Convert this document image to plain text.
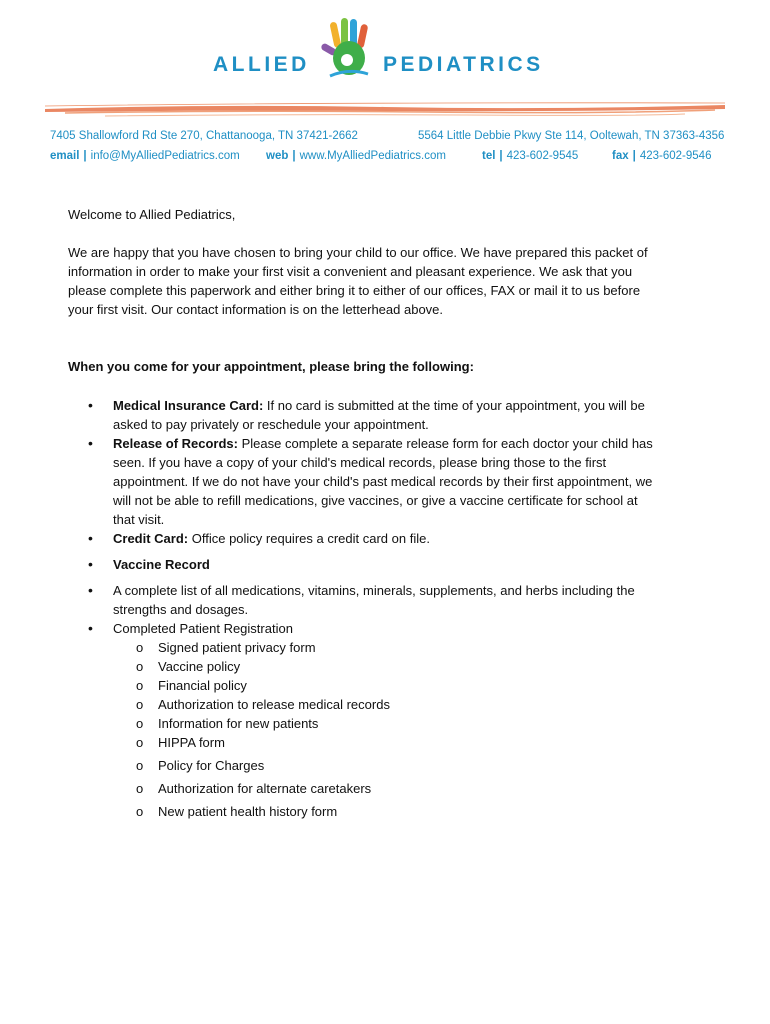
ALLIED	PEDIATRICS
7405 Shallowford Rd Ste 270, Chattanooga, TN 37421-2662	5564 Little Debbie Pkwy Ste 114, Ooltewah, TN 37363-4356
email | info@MyAlliedPediatrics.com web | www.MyAlliedPediatrics.com	tel | 423-602-9545	fax | 423-602-9546
Welcome to Allied Pediatrics,
We are happy that you have chosen to bring your child to our office. We have prepared this packet of information in order to make your first visit a convenient and pleasant experience. We ask that you please complete this paperwork and either bring it to either of our offices, FAX or mail it to us before your first visit. Our contact information is on the letterhead above.
When you come for your appointment, please bring the following:
• Medical Insurance Card: If no card is submitted at the time of your appointment, you will be asked to pay privately or reschedule your appointment.
• Release of Records: Please complete a separate release form for each doctor your child has seen. If you have a copy of your child's medical records, please bring those to the first appointment. If we do not have your child's past medical records by their first appointment, we will not be able to refill medications, give vaccines, or give a vaccine certificate for school at that visit.
• Credit Card: Office policy requires a credit card on file.
• Vaccine Record
• A complete list of all medications, vitamins, minerals, supplements, and herbs including the strengths and dosages.
• Completed Patient Registration
o Signed patient privacy form
o Vaccine policy
o Financial policy
o Authorization to release medical records
o Information for new patients
o HIPPA form
o Policy for Charges
o Authorization for alternate caretakers
o New patient health history form
